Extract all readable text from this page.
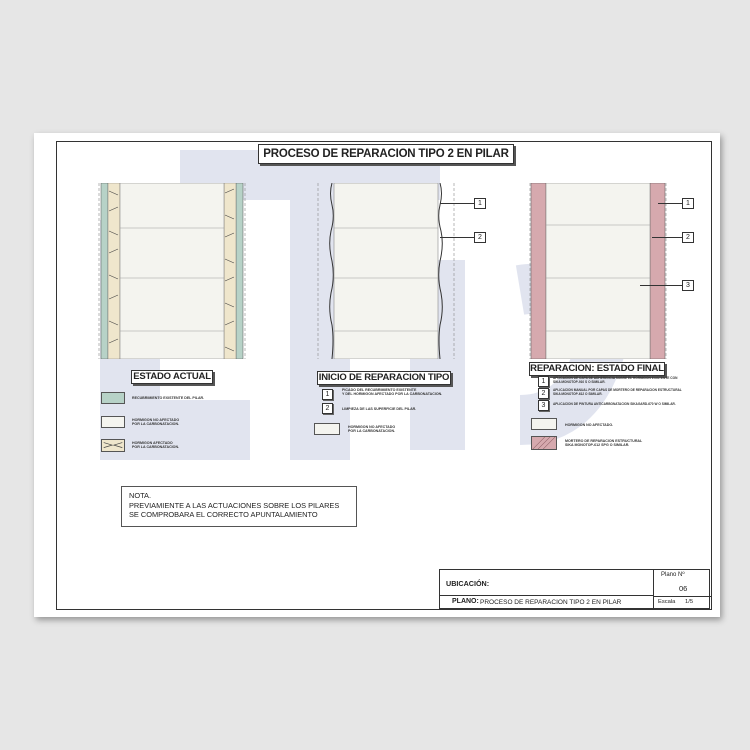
PROCESO DE REPARACION TIPO 2 EN PILAR
1
2
1
2
3
ESTADO ACTUAL	INICIO DE REPARACION TIPO
REPARACION: ESTADO FINAL
RECUBRIMIENTO EXISTENTE DEL PILAR.
HORMIGON NO AFECTADO
POR LA CARBONATACION.
HORMIGON AFECTADO
POR LA CARBONATACION.
1
PICADO DEL RECUBRIMIENTO EXISTENTE
Y DEL HORMIGON AFECTADO POR LA CARBONATACION.
2	LIMPIEZA DE LAS SUPERFICIE DEL PILAR.
HORMIGON NO AFECTADO
POR LA CARBONATACION.
1	APLICACION DE CAPA DE ADHERENCIA SOBRE EL HORMIGON EXISTENTE CON
SIKA MONOTOP-910 S O SIMILAR.
2	APLICACION MANUAL POR CAPAS DE MORTERO DE REPARACION ESTRUCTURAL
SIKA MONOTOP-612 O SIMILAR.
3	APLICACION DE PINTURA ANTICARBONATACION SIKAGARD-670 W O SIMILAR.
HORMIGON NO AFECTADO.
MORTERO DE REPARACION ESTRUCTURAL
SIKA MONOTOP-612 SPG O SIMILAR.
NOTA.
PREVIAMIENTE A LAS ACTUACIONES SOBRE LOS PILARES
SE COMPROBARA EL CORRECTO APUNTALAMIENTO
UBICACIÓN:
PLANO: PROCESO DE REPARACION TIPO 2 EN PILAR
Plano Nº
06
Escala 1/5
